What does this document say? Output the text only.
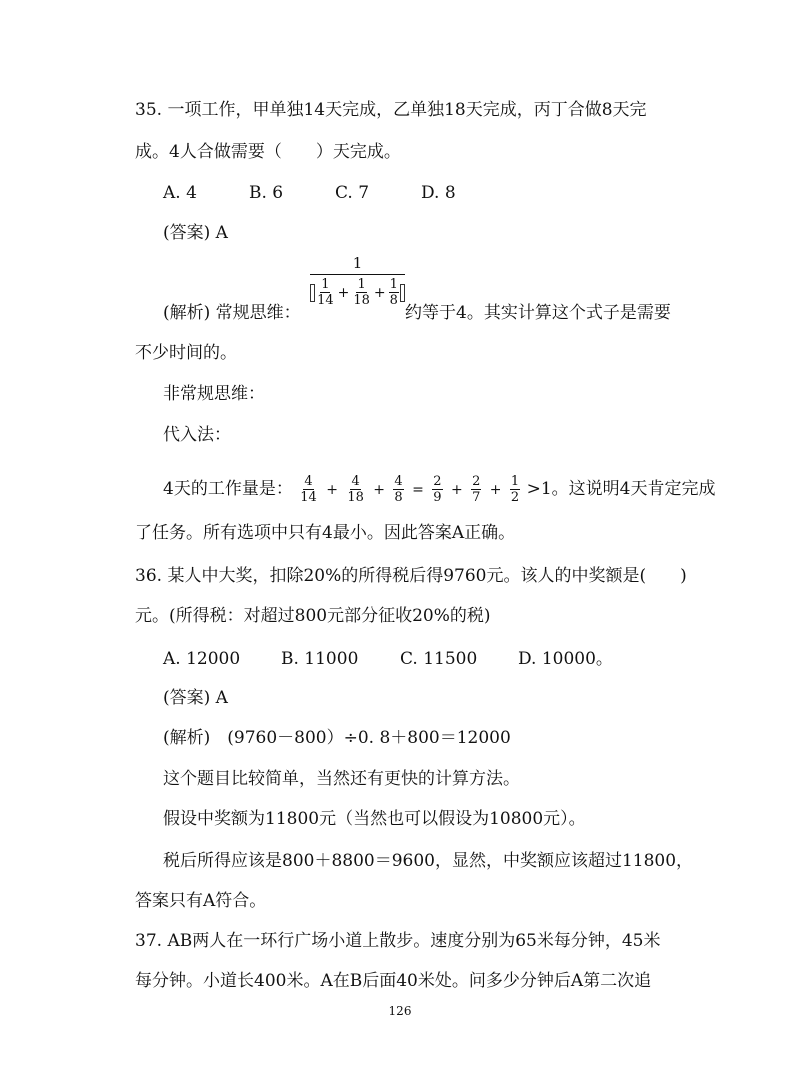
35. 一项工作，甲单独14天完成，乙单独18天完成，丙丁合做8天完
成。4人合做需要（　　）天完成。
A. 4	B. 6	C. 7	D. 8
(答案) A
1
$\frac{1}{14} + \frac{1}{18} + \frac{1}{8}$
(解析) 常规思维：	约等于4。其实计算这个式子是需要
不少时间的。
非常规思维：
代入法：
4天的工作量是： $\frac{4}{14} + \frac{4}{18} + \frac{4}{8} = \frac{2}{9} + \frac{2}{7} + \frac{1}{2} >1$。这说明4天肯定完成
了任务。所有选项中只有4最小。因此答案A正确。
36. 某人中大奖，扣除20%的所得税后得9760元。该人的中奖额是(　　)
元。(所得税：对超过800元部分征收20%的税)
A. 12000 B. 11000 C. 11500 D. 10000。
(答案) A
(解析)　(9760－800）÷0. 8＋800＝12000
这个题目比较简单，当然还有更快的计算方法。
假设中奖额为11800元（当然也可以假设为10800元）。
税后所得应该是800＋8800＝9600，显然，中奖额应该超过11800，
答案只有A符合。
37. AB两人在一环行广场小道上散步。速度分别为65米每分钟，45米
每分钟。小道长400米。A在B后面40米处。问多少分钟后A第二次追
126
